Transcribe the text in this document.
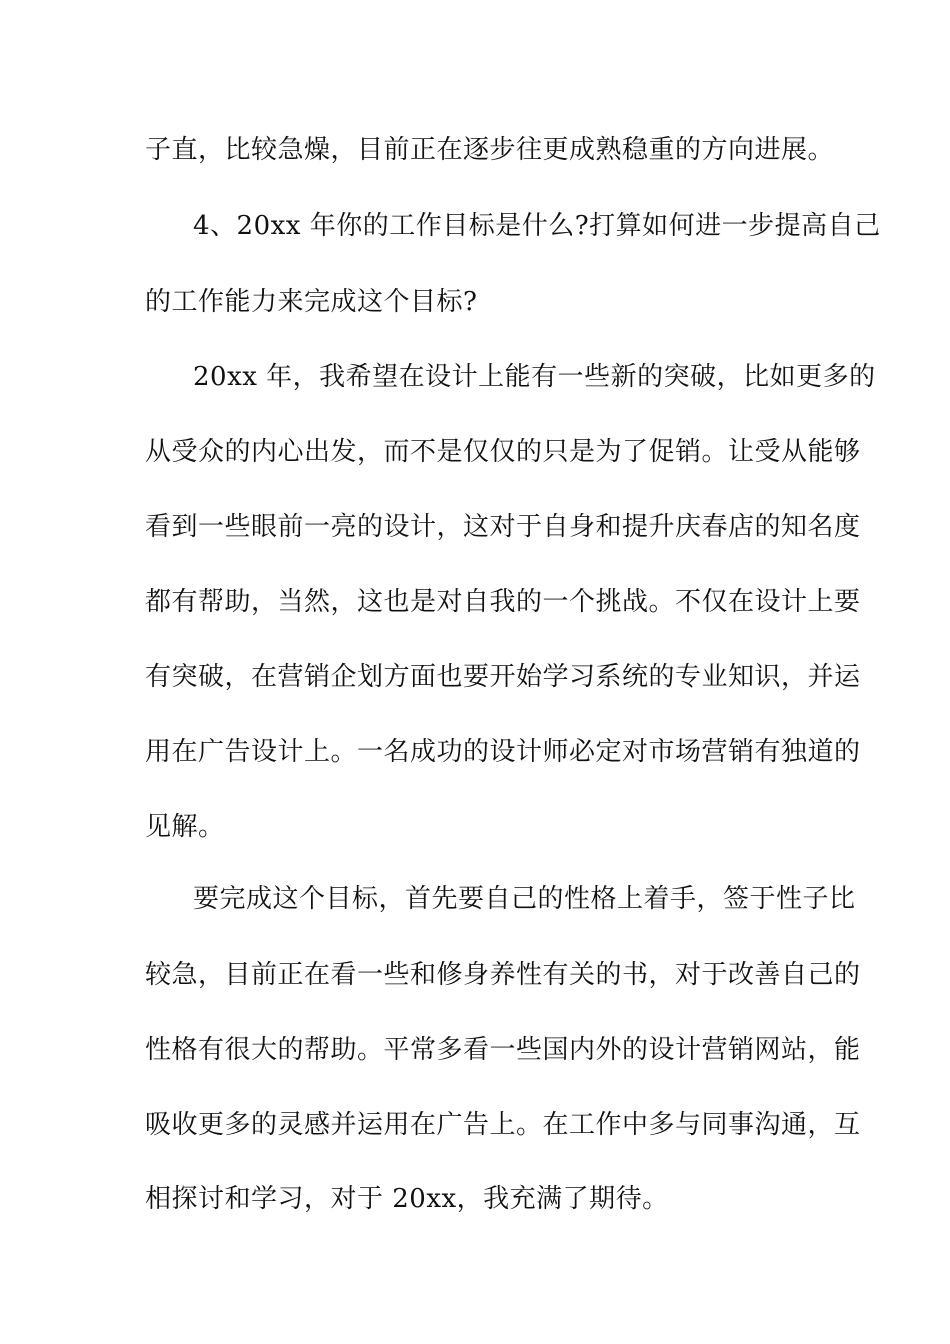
子直，比较急燥，目前正在逐步往更成熟稳重的方向进展。
4、20xx 年你的工作目标是什么?打算如何进一步提高自己
的工作能力来完成这个目标?
20xx 年，我希望在设计上能有一些新的突破，比如更多的
从受众的内心出发，而不是仅仅的只是为了促销。让受从能够
看到一些眼前一亮的设计，这对于自身和提升庆春店的知名度
都有帮助，当然，这也是对自我的一个挑战。不仅在设计上要
有突破，在营销企划方面也要开始学习系统的专业知识，并运
用在广告设计上。一名成功的设计师必定对市场营销有独道的
见解。
要完成这个目标，首先要自己的性格上着手，签于性子比
较急，目前正在看一些和修身养性有关的书，对于改善自己的
性格有很大的帮助。平常多看一些国内外的设计营销网站，能
吸收更多的灵感并运用在广告上。在工作中多与同事沟通，互
相探讨和学习，对于 20xx，我充满了期待。
